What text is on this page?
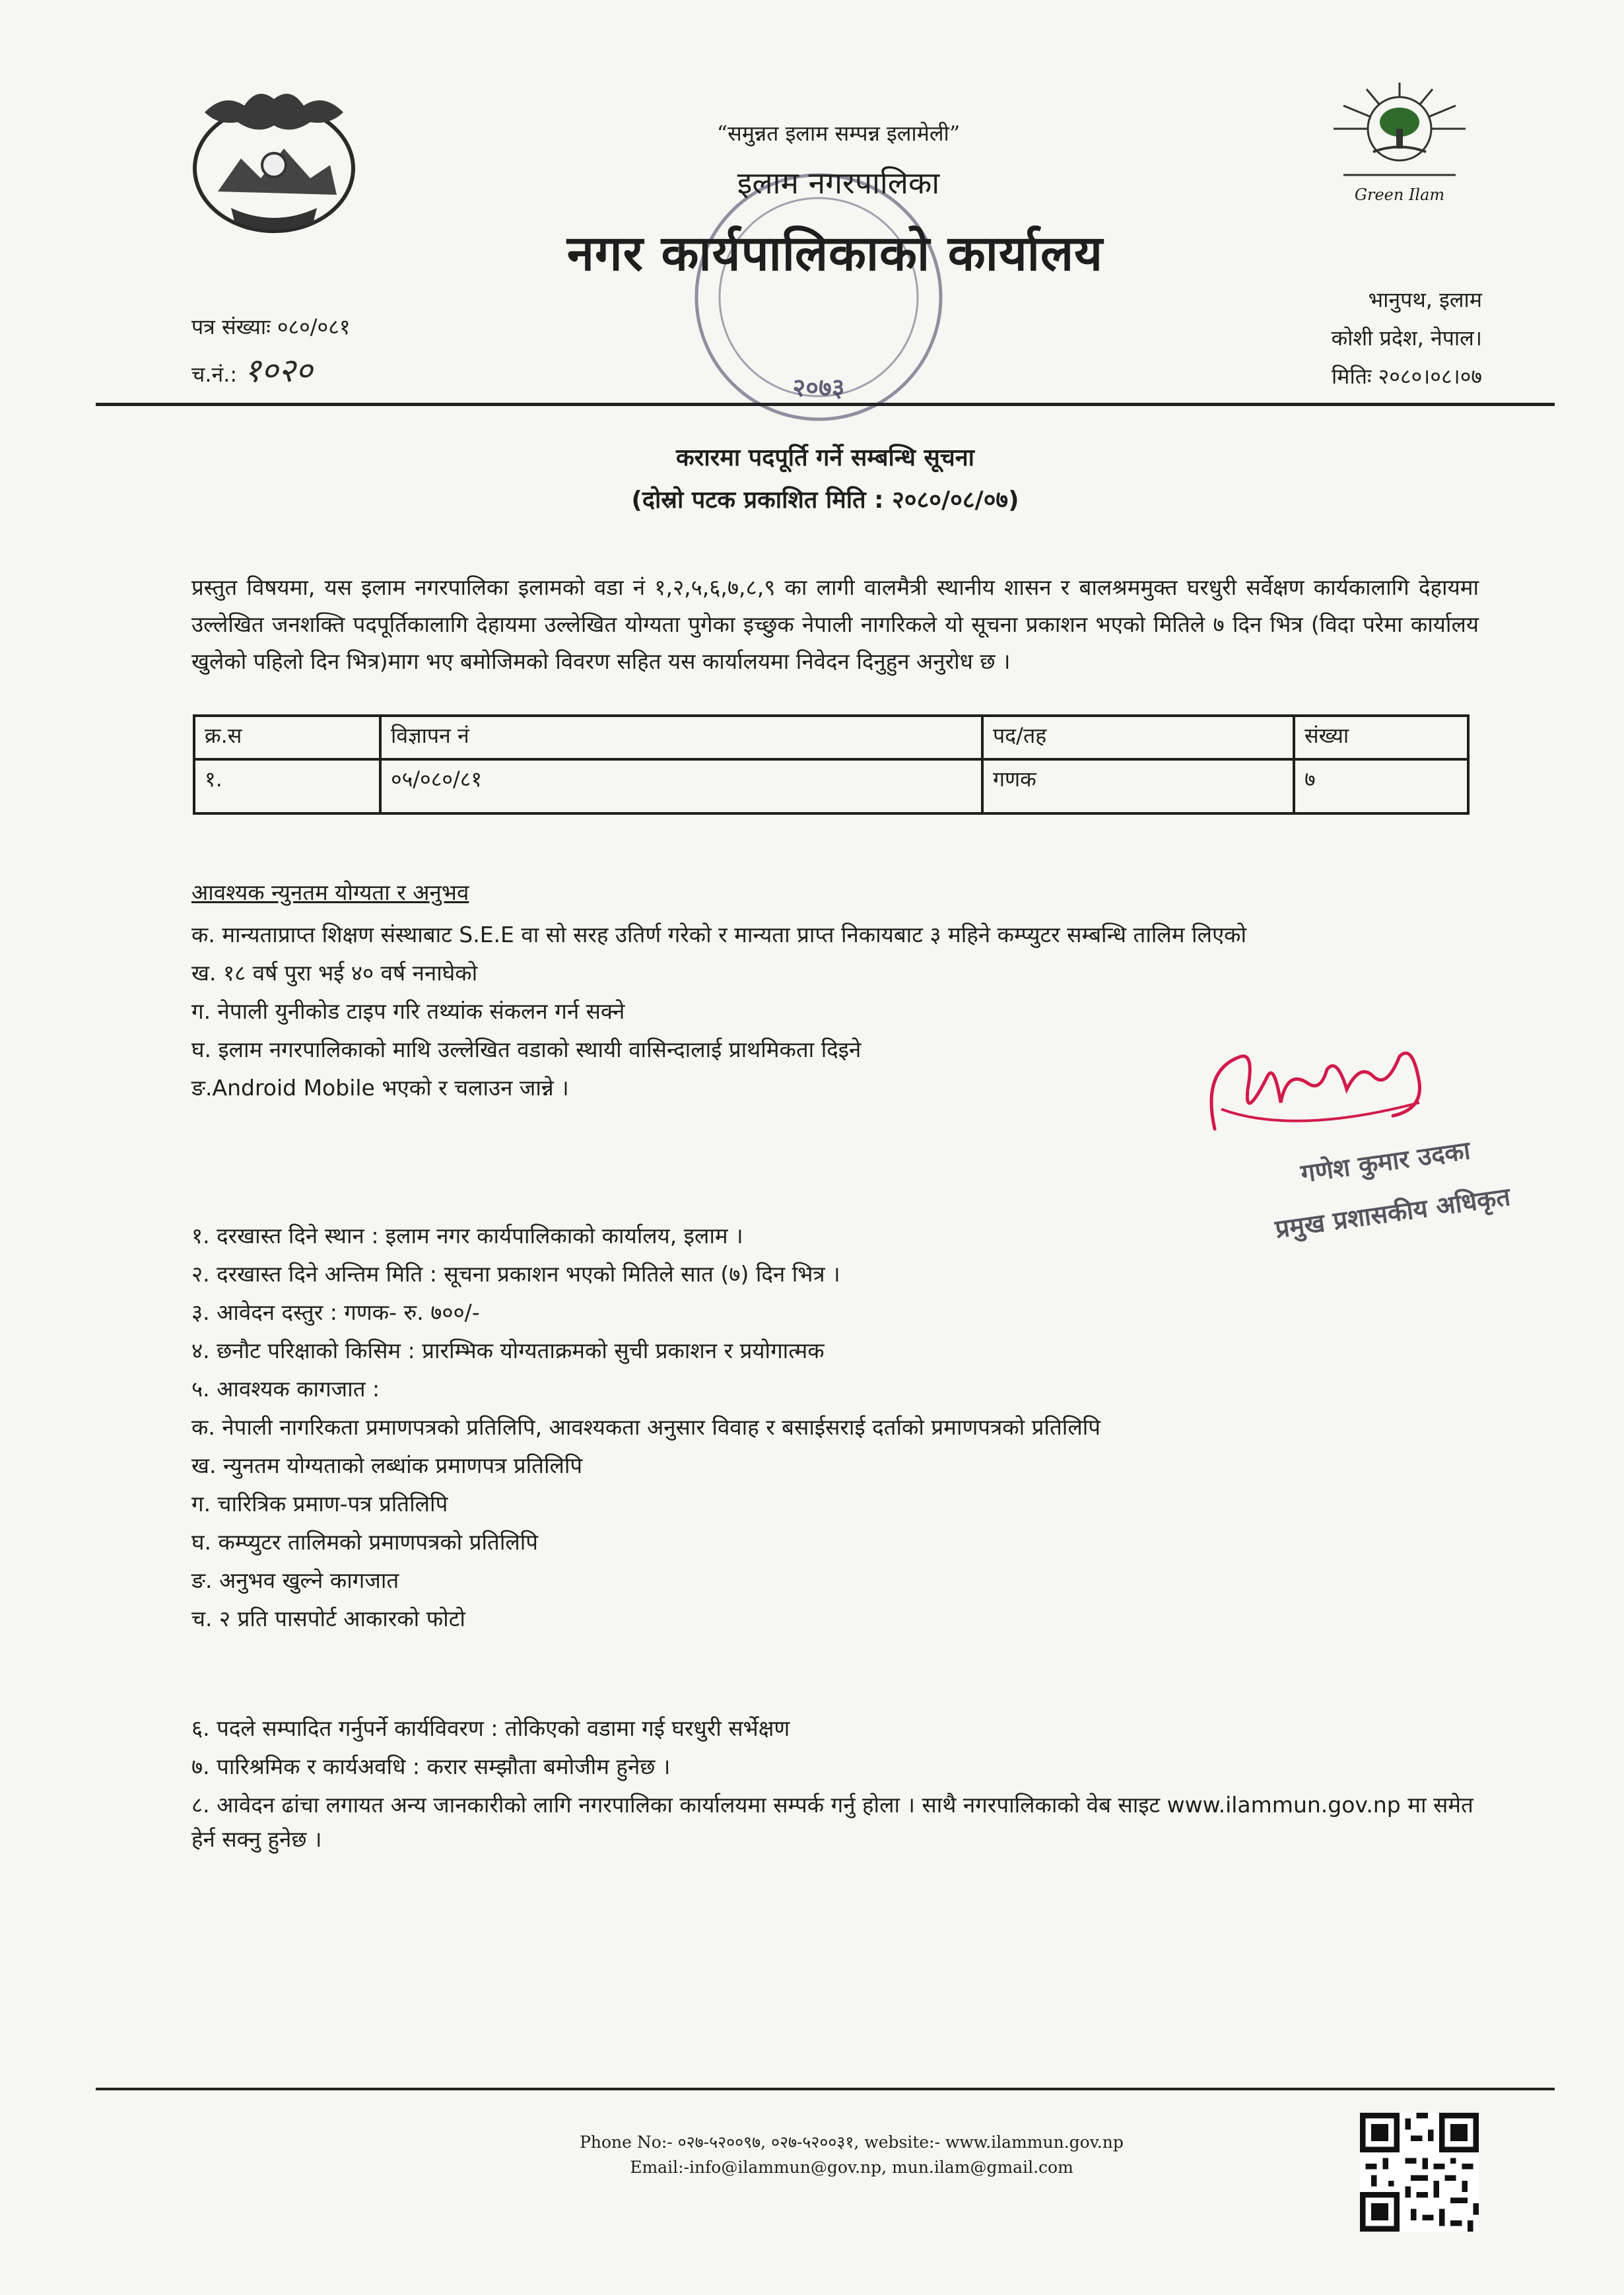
Green Ilam
२०७३
“समुन्नत इलाम सम्पन्न इलामेली”
इलाम नगरपालिका
नगर कार्यपालिकाको कार्यालय
पत्र संख्याः ०८०/०८१
च.नं.: १०२०
भानुपथ, इलाम
कोशी प्रदेश, नेपाल।
मितिः २०८०।०८।०७
करारमा पदपूर्ति गर्ने सम्बन्धि सूचना
(दोस्रो पटक प्रकाशित मिति : २०८०/०८/०७)
प्रस्तुत विषयमा, यस इलाम नगरपालिका इलामको वडा नं १,२,५,६,७,८,९ का लागी वालमैत्री स्थानीय शासन र बालश्रममुक्त घरधुरी सर्वेक्षण कार्यकालागि देहायमा उल्लेखित जनशक्ति पदपूर्तिकालागि देहायमा उल्लेखित योग्यता पुगेका इच्छुक नेपाली नागरिकले यो सूचना प्रकाशन भएको मितिले ७ दिन भित्र (विदा परेमा कार्यालय खुलेको पहिलो दिन भित्र)माग भए बमोजिमको विवरण सहित यस कार्यालयमा निवेदन दिनुहुन अनुरोध छ ।
क्र.स	विज्ञापन नं	पद/तह	संख्या
१.	०५/०८०/८१	गणक	७
आवश्यक न्युनतम योग्यता र अनुभव
क. मान्यताप्राप्त शिक्षण संस्थाबाट S.E.E वा सो सरह उतिर्ण गरेको र मान्यता प्राप्त निकायबाट ३ महिने कम्प्युटर सम्बन्धि तालिम लिएको
ख. १८ वर्ष पुरा भई ४० वर्ष ननाघेको
ग. नेपाली युनीकोड टाइप गरि तथ्यांक संकलन गर्न सक्ने
घ. इलाम नगरपालिकाको माथि उल्लेखित वडाको स्थायी वासिन्दालाई प्राथमिकता दिइने
ङ.Android Mobile भएको र चलाउन जान्ने ।
गणेश कुमार उदका
प्रमुख प्रशासकीय अधिकृत
१. दरखास्त दिने स्थान : इलाम नगर कार्यपालिकाको कार्यालय, इलाम ।
२. दरखास्त दिने अन्तिम मिति : सूचना प्रकाशन भएको मितिले सात (७) दिन भित्र ।
३. आवेदन दस्तुर : गणक- रु. ७००/-
४. छनौट परिक्षाको किसिम : प्रारम्भिक योग्यताक्रमको सुची प्रकाशन र प्रयोगात्मक
५. आवश्यक कागजात :
क. नेपाली नागरिकता प्रमाणपत्रको प्रतिलिपि, आवश्यकता अनुसार विवाह र बसाईसराई दर्ताको प्रमाणपत्रको प्रतिलिपि
ख. न्युनतम योग्यताको लब्धांक प्रमाणपत्र प्रतिलिपि
ग. चारित्रिक प्रमाण-पत्र प्रतिलिपि
घ. कम्प्युटर तालिमको प्रमाणपत्रको प्रतिलिपि
ङ. अनुभव खुल्ने कागजात
च. २ प्रति पासपोर्ट आकारको फोटो
६. पदले सम्पादित गर्नुपर्ने कार्यविवरण : तोकिएको वडामा गई घरधुरी सर्भेक्षण
७. पारिश्रमिक र कार्यअवधि : करार सम्झौता बमोजीम हुनेछ ।
८. आवेदन ढांचा लगायत अन्य जानकारीको लागि नगरपालिका कार्यालयमा सम्पर्क गर्नु होला । साथै नगरपालिकाको वेब साइट www.ilammun.gov.np मा समेत हेर्न सक्नु हुनेछ ।
Phone No:- ०२७-५२००९७, ०२७-५२००३१, website:- www.ilammun.gov.np
Email:-info@ilammun@gov.np, mun.ilam@gmail.com
